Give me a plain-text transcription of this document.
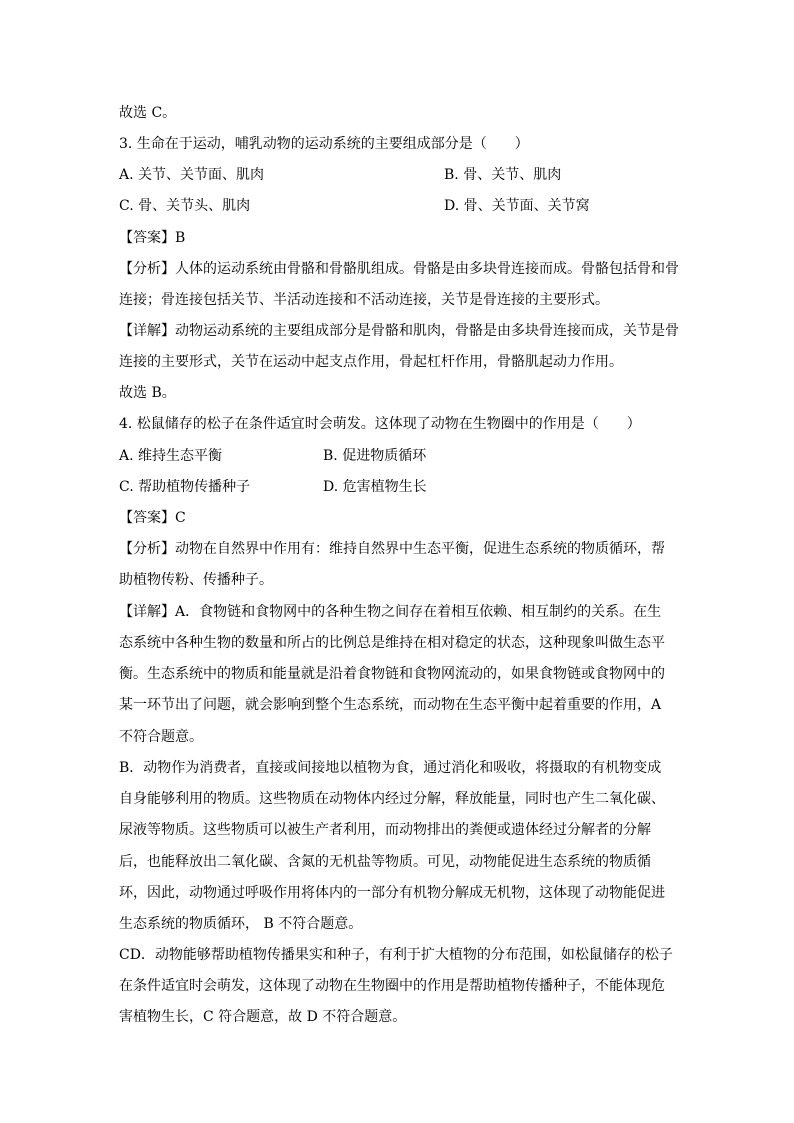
故选 C。
3. 生命在于运动，哺乳动物的运动系统的主要组成部分是（　　）
A. 关节、关节面、肌肉	B. 骨、关节、肌肉
C. 骨、关节头、肌肉	D. 骨、关节面、关节窝
【答案】B
【分析】人体的运动系统由骨骼和骨骼肌组成。骨骼是由多块骨连接而成。骨骼包括骨和骨
连接；骨连接包括关节、半活动连接和不活动连接，关节是骨连接的主要形式。
【详解】动物运动系统的主要组成部分是骨骼和肌肉，骨骼是由多块骨连接而成，关节是骨
连接的主要形式，关节在运动中起支点作用，骨起杠杆作用，骨骼肌起动力作用。
故选 B。
4. 松鼠储存的松子在条件适宜时会萌发。这体现了动物在生物圈中的作用是（　　）
A. 维持生态平衡	B. 促进物质循环
C. 帮助植物传播种子	D. 危害植物生长
【答案】C
【分析】动物在自然界中作用有：维持自然界中生态平衡，促进生态系统的物质循环，帮
助植物传粉、传播种子。
【详解】A．食物链和食物网中的各种生物之间存在着相互依赖、相互制约的关系。在生
态系统中各种生物的数量和所占的比例总是维持在相对稳定的状态，这种现象叫做生态平
衡。生态系统中的物质和能量就是沿着食物链和食物网流动的，如果食物链或食物网中的
某一环节出了问题，就会影响到整个生态系统，而动物在生态平衡中起着重要的作用，A
不符合题意。
B．动物作为消费者，直接或间接地以植物为食，通过消化和吸收，将摄取的有机物变成
自身能够利用的物质。这些物质在动物体内经过分解，释放能量，同时也产生二氧化碳、
尿液等物质。这些物质可以被生产者利用，而动物排出的粪便或遗体经过分解者的分解
后，也能释放出二氧化碳、含氮的无机盐等物质。可见，动物能促进生态系统的物质循
环，因此，动物通过呼吸作用将体内的一部分有机物分解成无机物，这体现了动物能促进
生态系统的物质循环， B 不符合题意。
CD．动物能够帮助植物传播果实和种子，有利于扩大植物的分布范围，如松鼠储存的松子
在条件适宜时会萌发，这体现了动物在生物圈中的作用是帮助植物传播种子，不能体现危
害植物生长，C 符合题意，故 D 不符合题意。
